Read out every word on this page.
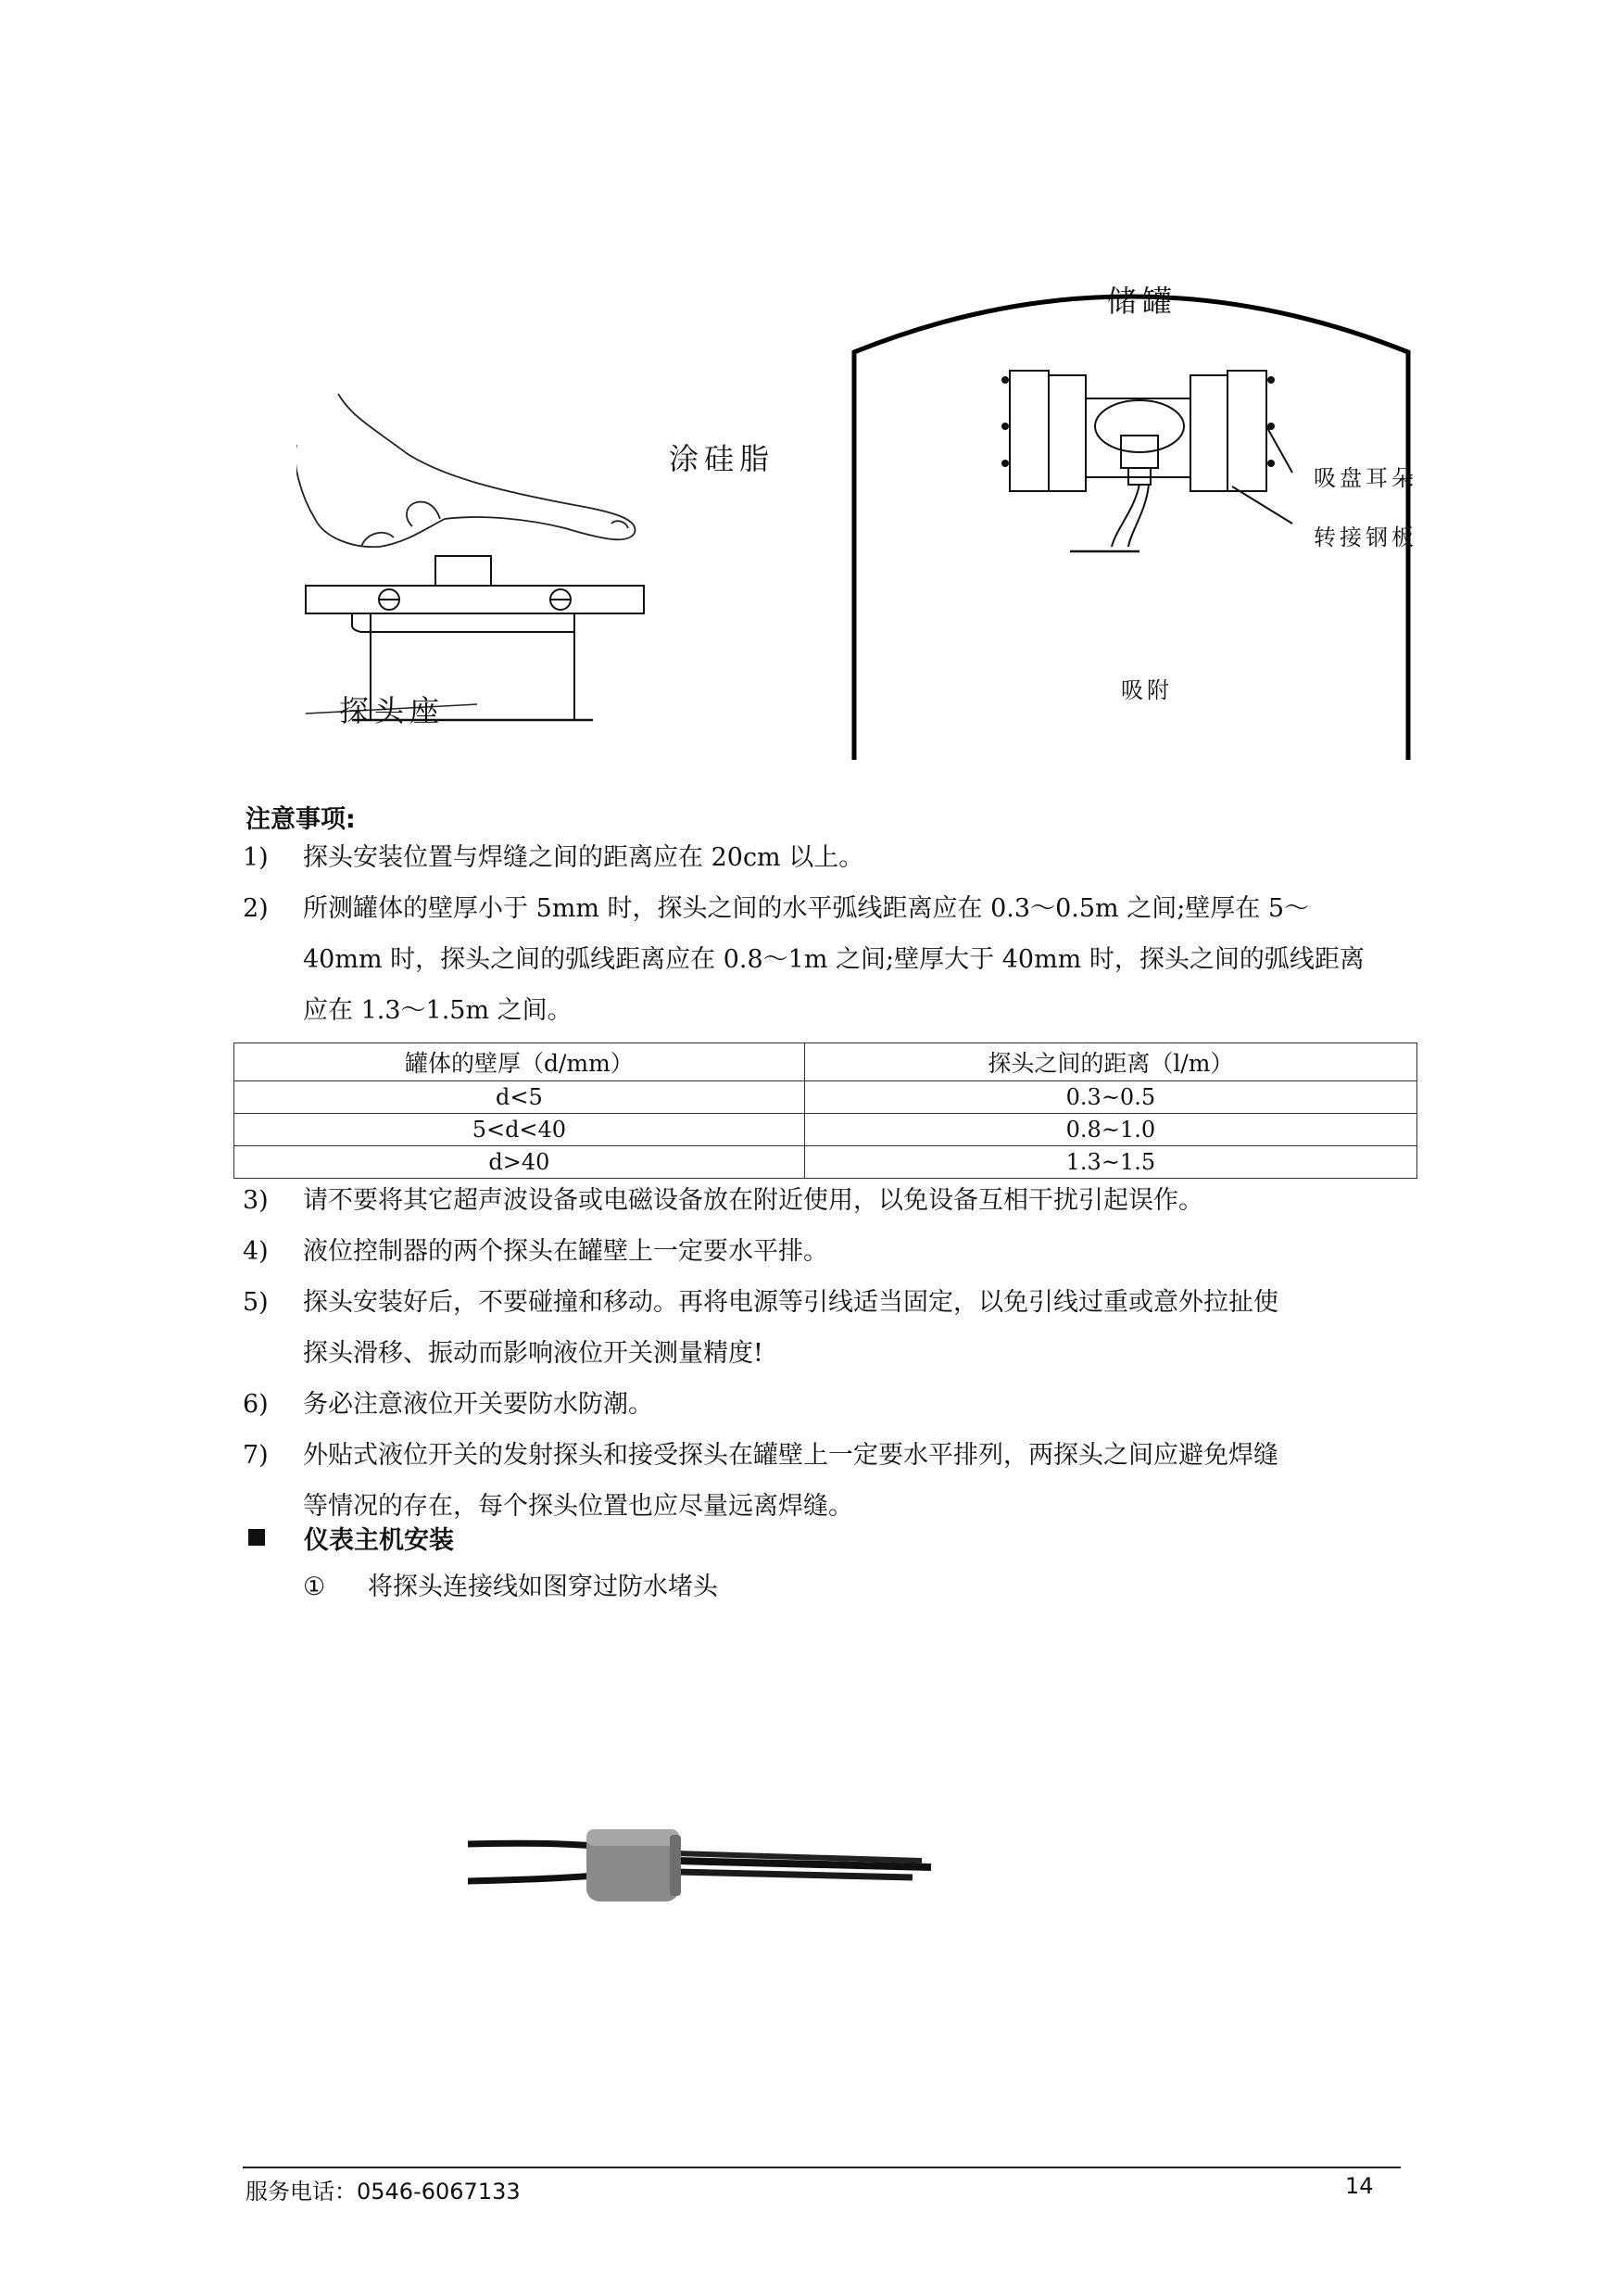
涂硅脂
探头座
储罐
吸盘耳朵
转接钢板
吸附
注意事项:
1) 探头安装位置与焊缝之间的距离应在 20cm 以上。
2) 所测罐体的壁厚小于 5mm 时，探头之间的水平弧线距离应在 0.3～0.5m 之间;壁厚在 5～
40mm 时，探头之间的弧线距离应在 0.8～1m 之间;壁厚大于 40mm 时，探头之间的弧线距离
应在 1.3～1.5m 之间。
罐体的壁厚（d/mm）	探头之间的距离（l/m）
d<5	0.3~0.5
5<d<40	0.8~1.0
d>40	1.3~1.5
3) 请不要将其它超声波设备或电磁设备放在附近使用，以免设备互相干扰引起误作。
4) 液位控制器的两个探头在罐壁上一定要水平排。
5) 探头安装好后，不要碰撞和移动。再将电源等引线适当固定，以免引线过重或意外拉扯使
探头滑移、振动而影响液位开关测量精度!
6) 务必注意液位开关要防水防潮。
7) 外贴式液位开关的发射探头和接受探头在罐壁上一定要水平排列，两探头之间应避免焊缝
等情况的存在，每个探头位置也应尽量远离焊缝。
仪表主机安装
① 将探头连接线如图穿过防水堵头
服务电话：0546-6067133	14
